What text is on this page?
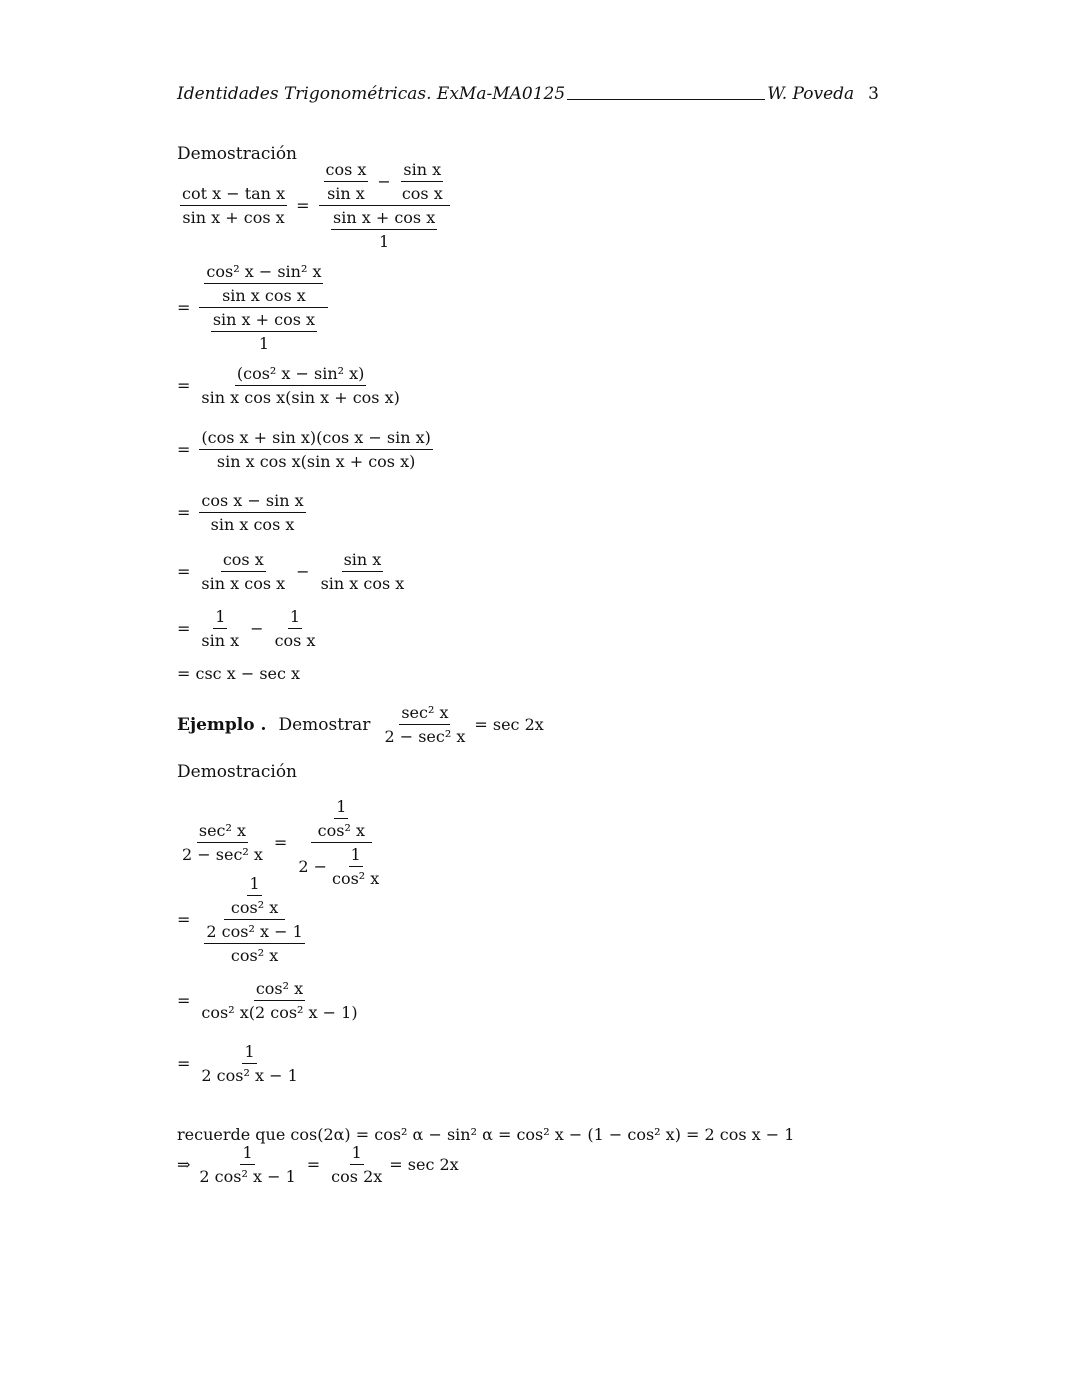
Identidades Trigonométricas. ExMa-MA0125	W. Poveda 3
Demostración
$\frac{\text{cot x − tan x}}{\text{sin x + cos x}}$ =
$\frac{\text{cos x}}{\text{sin x}} - \frac{\text{sin x}}{\text{cos x}}$
$\frac{\text{sin x + cos x}}{1}$
= $\frac{\frac{\text{cos² x − sin² x}}{\text{sin x cos x}}}{\frac{\text{sin x + cos x}}{1}}$
= $\frac{\text{(cos² x − sin² x)}}{\text{sin x cos x(sin x + cos x)}}$
= $\frac{\text{(cos x + sin x)(cos x − sin x)}}{\text{sin x cos x(sin x + cos x)}}$
= $\frac{\text{cos x − sin x}}{\text{sin x cos x}}$
= $\frac{\text{cos x}}{\text{sin x cos x}} - \frac{\text{sin x}}{\text{sin x cos x}}$
= $\frac{1}{\text{sin x}} - \frac{1}{\text{cos x}}$
= csc x − sec x
Ejemplo . Demostrar $\frac{\text{sec² x}}{\text{2 − sec² x}} = \sec 2x$
Demostración
$\frac{\text{sec² x}}{\text{2 − sec² x}} = \frac{\frac{1}{\text{cos² x}}}{2 - \frac{1}{\text{cos² x}}}$
= $\frac{\frac{1}{\text{cos² x}}}{\frac{\text{2 cos² x − 1}}{\text{cos² x}}}$
= $\frac{\text{cos² x}}{\text{cos² x(2 cos² x − 1)}}$
= $\frac{1}{\text{2 cos² x − 1}}$
recuerde que cos(2α) = cos² α − sin² α = cos² x − (1 − cos² x) = 2 cos x − 1
⇒ $\frac{1}{\text{2 cos² x − 1}} = \frac{1}{\cos 2x} = \sec 2x$
